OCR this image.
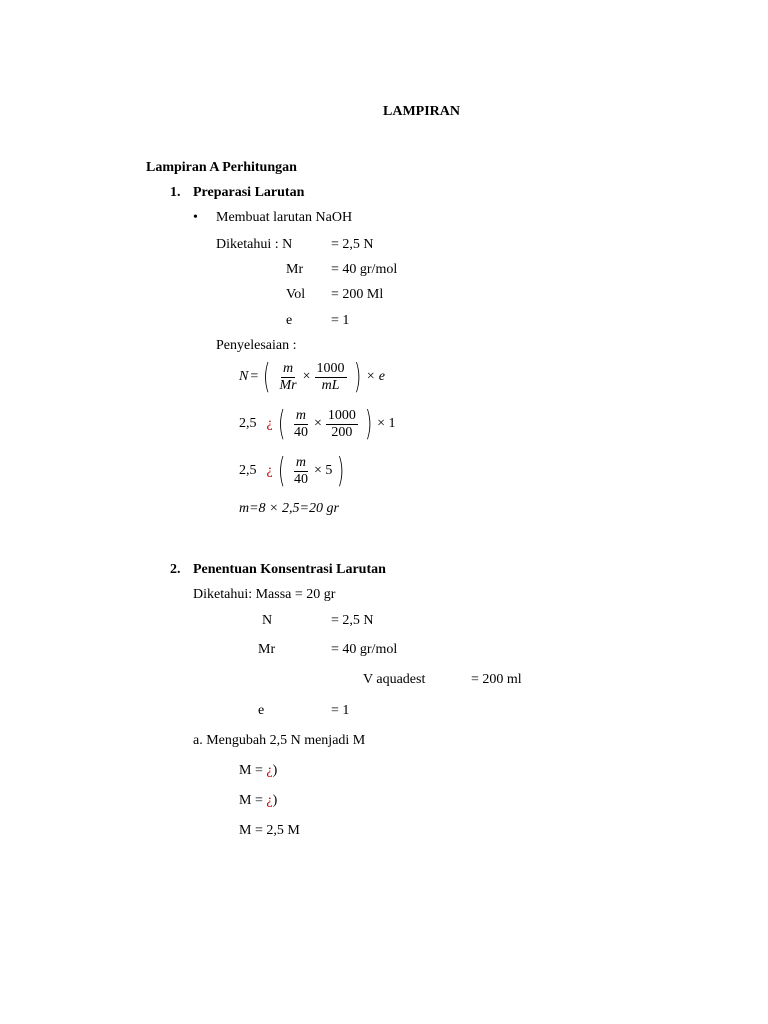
LAMPIRAN
Lampiran A Perhitungan
1. Preparasi Larutan
• Membuat larutan NaOH
Diketahui : N	= 2,5 N
Mr = 40 gr/mol
Vol = 200 Ml
e	= 1
Penyelesaian :
N = ( $\frac{m}{Mr} \times \frac{1000}{mL}$ ) × e
2,5 ¿ ( $\frac{m}{40} \times \frac{1000}{200}$ ) × 1
2,5 ¿ ( $\frac{m}{40} \times 5$ )
m=8 × 2,5=20 gr
2. Penentuan Konsentrasi Larutan
Diketahui: Massa = 20 gr
N	= 2,5 N
Mr	= 40 gr/mol
V aquadest	= 200 ml
e	= 1
a. Mengubah 2,5 N menjadi M
M = ¿)
M = ¿)
M = 2,5 M
